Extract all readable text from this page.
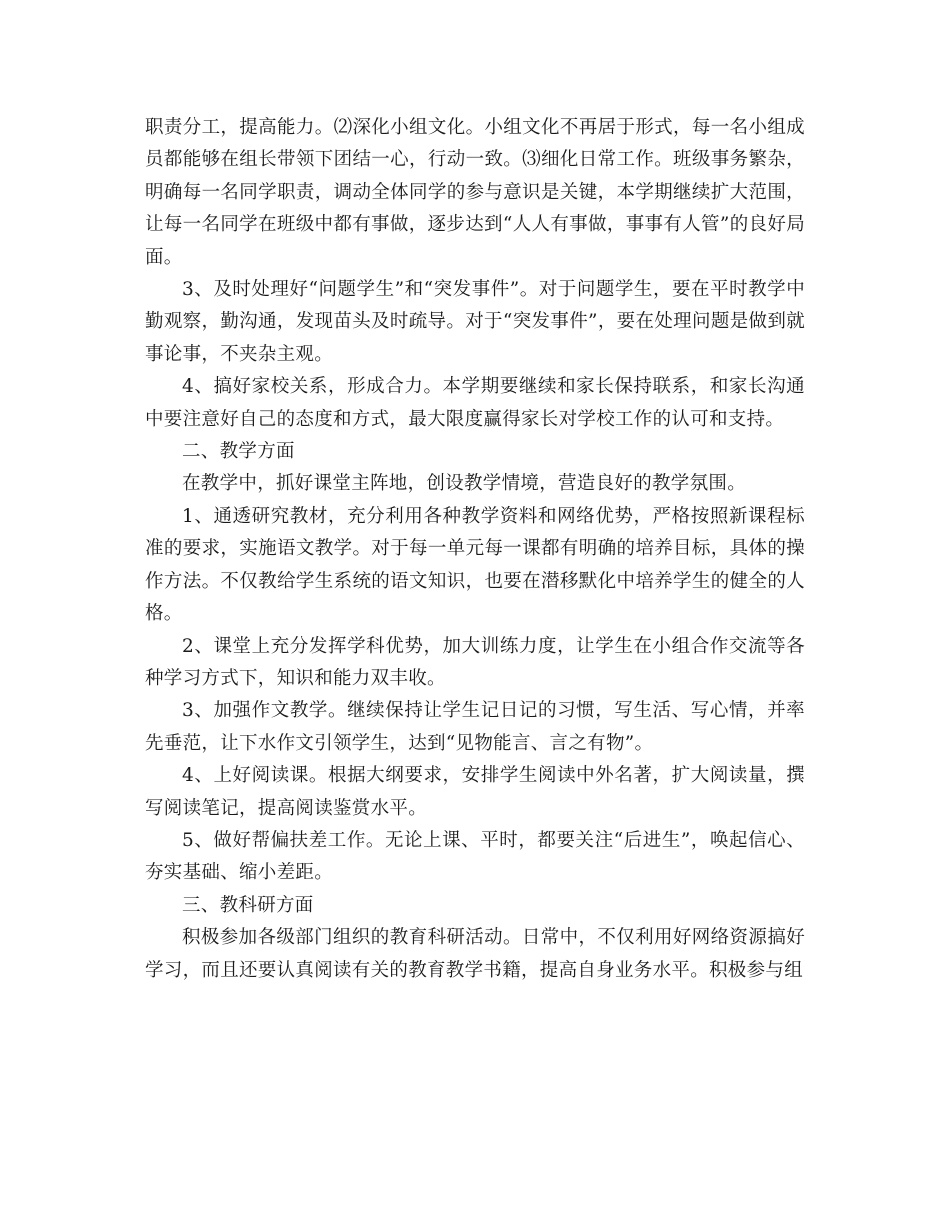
职责分工，提高能力。⑵深化小组文化。小组文化不再居于形式，每一名小组成员都能够在组长带领下团结一心，行动一致。⑶细化日常工作。班级事务繁杂，明确每一名同学职责，调动全体同学的参与意识是关键，本学期继续扩大范围，让每一名同学在班级中都有事做，逐步达到“人人有事做，事事有人管”的良好局面。

3、及时处理好“问题学生”和“突发事件”。对于问题学生，要在平时教学中勤观察，勤沟通，发现苗头及时疏导。对于“突发事件”，要在处理问题是做到就事论事，不夹杂主观。

4、搞好家校关系，形成合力。本学期要继续和家长保持联系，和家长沟通中要注意好自己的态度和方式，最大限度赢得家长对学校工作的认可和支持。

二、教学方面

在教学中，抓好课堂主阵地，创设教学情境，营造良好的教学氛围。

1、通透研究教材，充分利用各种教学资料和网络优势，严格按照新课程标准的要求，实施语文教学。对于每一单元每一课都有明确的培养目标，具体的操作方法。不仅教给学生系统的语文知识，也要在潜移默化中培养学生的健全的人格。

2、课堂上充分发挥学科优势，加大训练力度，让学生在小组合作交流等各种学习方式下，知识和能力双丰收。

3、加强作文教学。继续保持让学生记日记的习惯，写生活、写心情，并率先垂范，让下水作文引领学生，达到“见物能言、言之有物”。

4、上好阅读课。根据大纲要求，安排学生阅读中外名著，扩大阅读量，撰写阅读笔记，提高阅读鉴赏水平。

5、做好帮偏扶差工作。无论上课、平时，都要关注“后进生”，唤起信心、夯实基础、缩小差距。

三、教科研方面

积极参加各级部门组织的教育科研活动。日常中，不仅利用好网络资源搞好学习，而且还要认真阅读有关的教育教学书籍，提高自身业务水平。积极参与组
